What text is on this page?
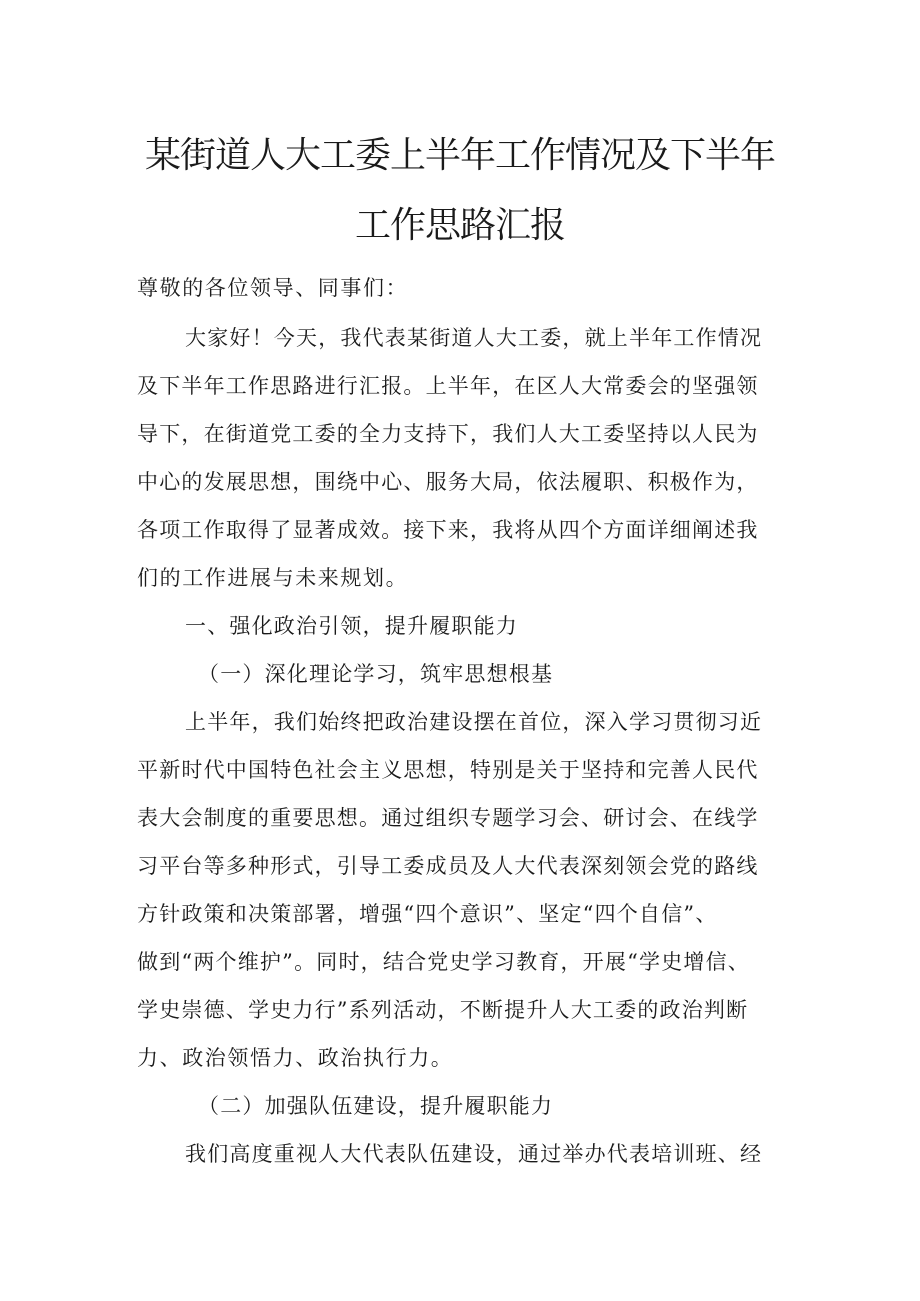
某街道人大工委上半年工作情况及下半年
工作思路汇报

尊敬的各位领导、同事们：

大家好！今天，我代表某街道人大工委，就上半年工作情况

及下半年工作思路进行汇报。上半年，在区人大常委会的坚强领

导下，在街道党工委的全力支持下，我们人大工委坚持以人民为

中心的发展思想，围绕中心、服务大局，依法履职、积极作为，

各项工作取得了显著成效。接下来，我将从四个方面详细阐述我

们的工作进展与未来规划。

一、强化政治引领，提升履职能力

（一）深化理论学习，筑牢思想根基

上半年，我们始终把政治建设摆在首位，深入学习贯彻习近

平新时代中国特色社会主义思想，特别是关于坚持和完善人民代

表大会制度的重要思想。通过组织专题学习会、研讨会、在线学

习平台等多种形式，引导工委成员及人大代表深刻领会党的路线

方针政策和决策部署，增强“四个意识”、坚定“四个自信”、

做到“两个维护”。同时，结合党史学习教育，开展“学史增信、

学史崇德、学史力行”系列活动，不断提升人大工委的政治判断

力、政治领悟力、政治执行力。

（二）加强队伍建设，提升履职能力

我们高度重视人大代表队伍建设，通过举办代表培训班、经
